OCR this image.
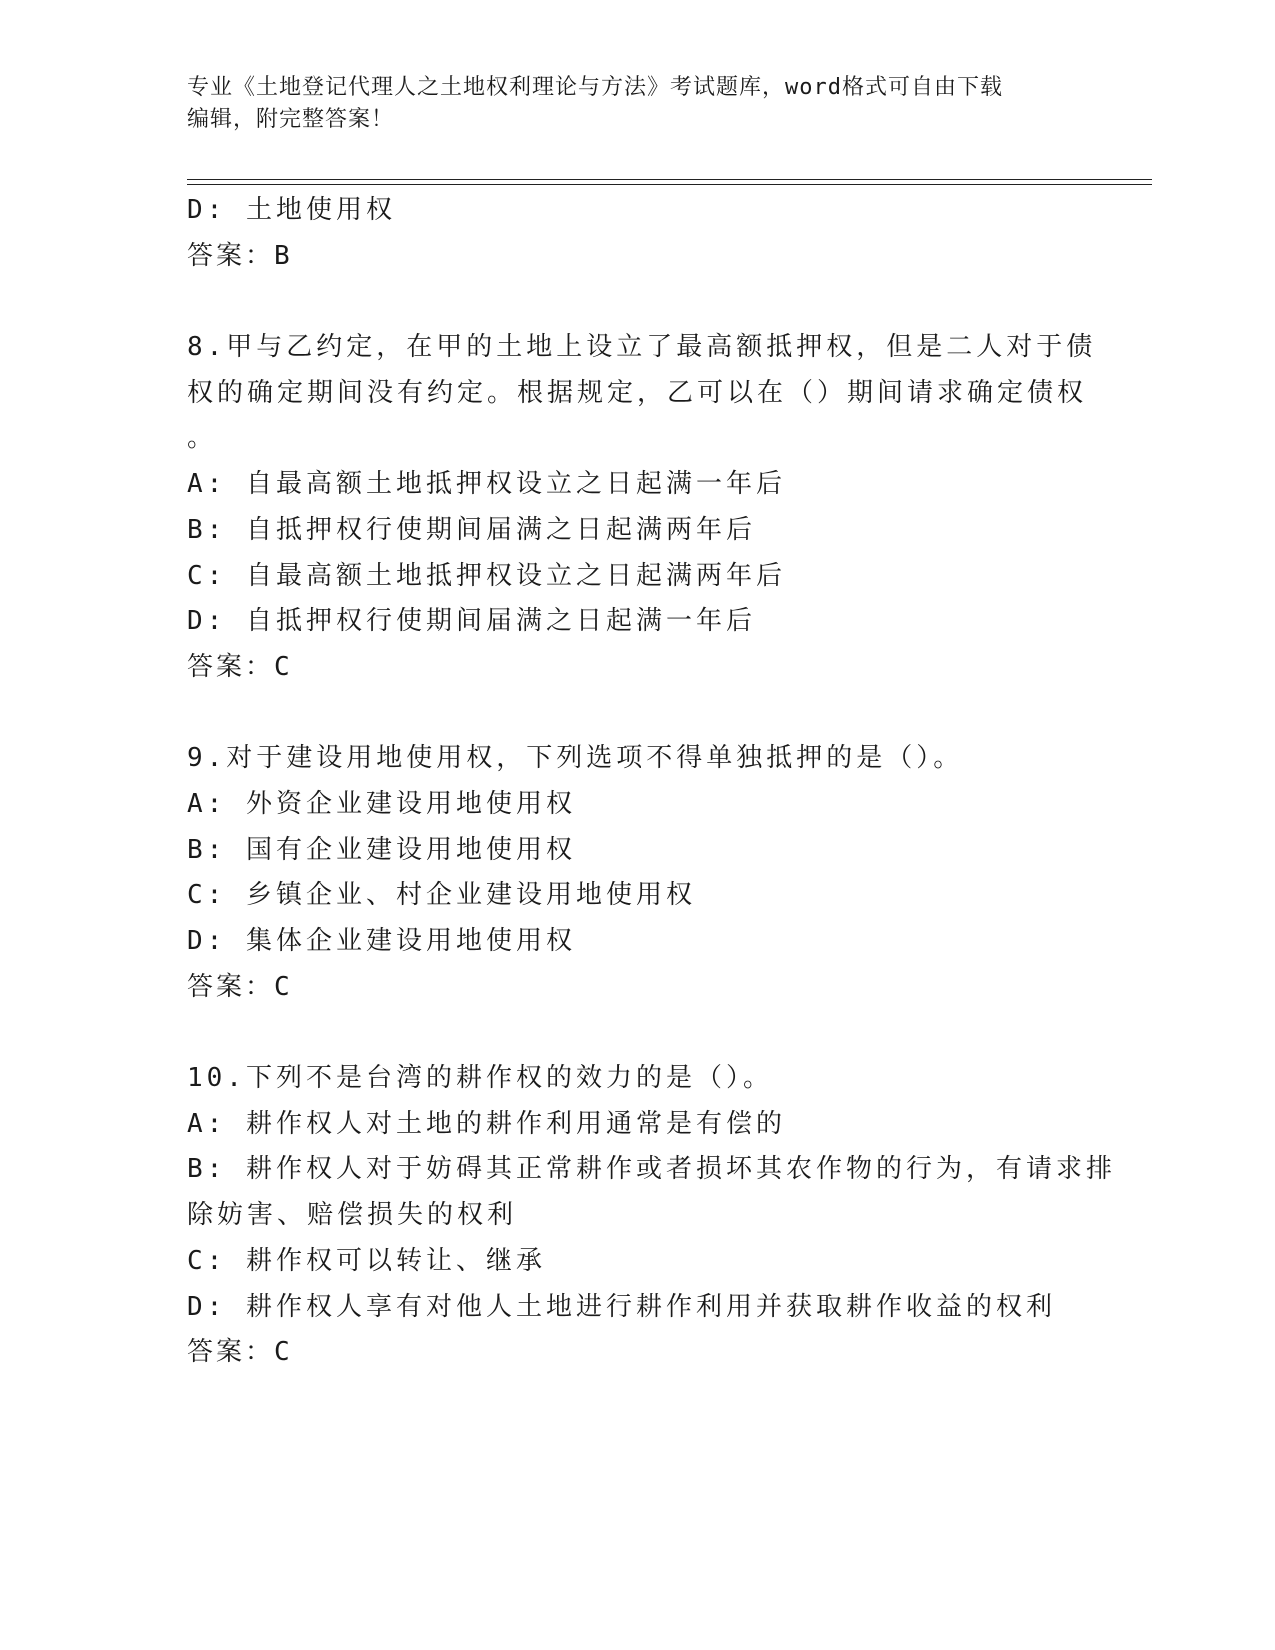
专业《土地登记代理人之土地权利理论与方法》考试题库，word格式可自由下载
编辑，附完整答案！

D: 土地使用权

答案：B

8.甲与乙约定，在甲的土地上设立了最高额抵押权，但是二人对于债

权的确定期间没有约定。根据规定，乙可以在（）期间请求确定债权

。

A: 自最高额土地抵押权设立之日起满一年后

B: 自抵押权行使期间届满之日起满两年后

C: 自最高额土地抵押权设立之日起满两年后

D: 自抵押权行使期间届满之日起满一年后

答案：C

9.对于建设用地使用权，下列选项不得单独抵押的是（）。

A: 外资企业建设用地使用权

B: 国有企业建设用地使用权

C: 乡镇企业、村企业建设用地使用权

D: 集体企业建设用地使用权

答案：C

10.下列不是台湾的耕作权的效力的是（）。

A: 耕作权人对土地的耕作利用通常是有偿的

B: 耕作权人对于妨碍其正常耕作或者损坏其农作物的行为，有请求排

除妨害、赔偿损失的权利

C: 耕作权可以转让、继承

D: 耕作权人享有对他人土地进行耕作利用并获取耕作收益的权利

答案：C
